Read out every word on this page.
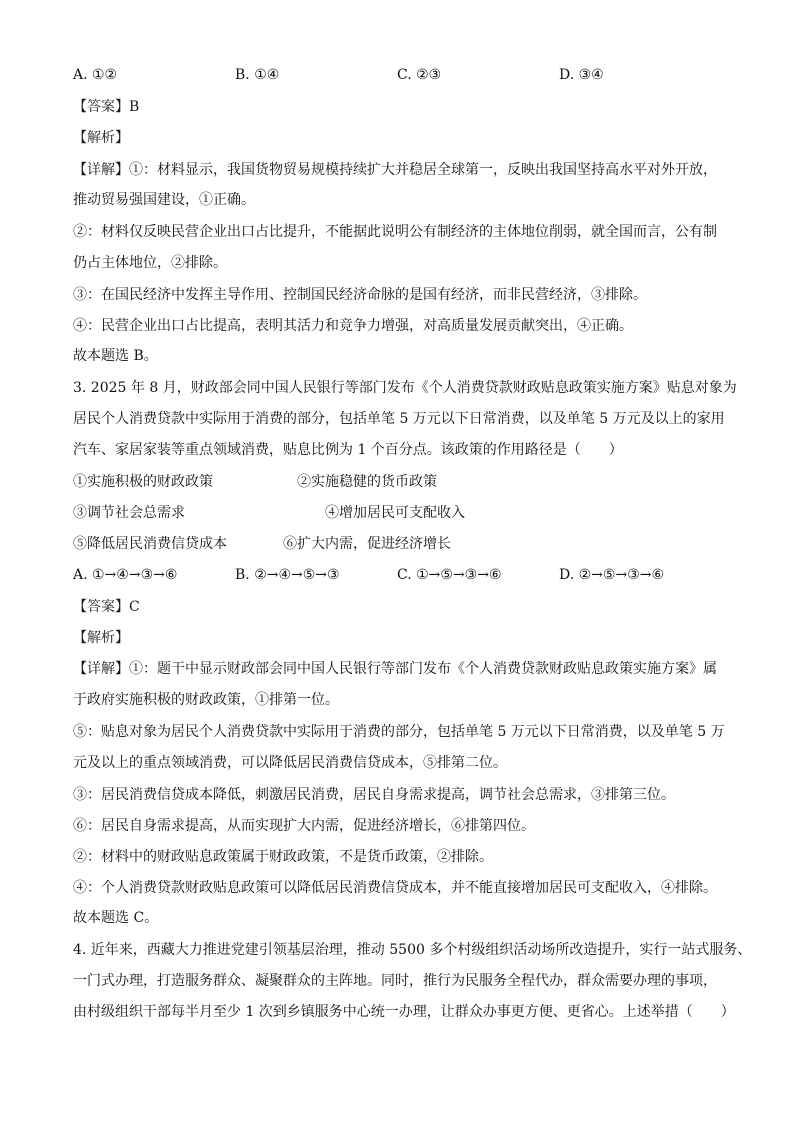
A. ①②	B. ①④	C. ②③	D. ③④
【答案】B
【解析】
【详解】①：材料显示，我国货物贸易规模持续扩大并稳居全球第一，反映出我国坚持高水平对外开放，
推动贸易强国建设，①正确。
②：材料仅反映民营企业出口占比提升，不能据此说明公有制经济的主体地位削弱，就全国而言，公有制
仍占主体地位，②排除。
③：在国民经济中发挥主导作用、控制国民经济命脉的是国有经济，而非民营经济，③排除。
④：民营企业出口占比提高，表明其活力和竞争力增强，对高质量发展贡献突出，④正确。
故本题选 B。
3. 2025 年 8 月，财政部会同中国人民银行等部门发布《个人消费贷款财政贴息政策实施方案》贴息对象为
居民个人消费贷款中实际用于消费的部分，包括单笔 5 万元以下日常消费，以及单笔 5 万元及以上的家用
汽车、家居家装等重点领域消费，贴息比例为 1 个百分点。该政策的作用路径是（　　）
①实施积极的财政政策	②实施稳健的货币政策
③调节社会总需求	④增加居民可支配收入
⑤降低居民消费信贷成本	⑥扩大内需，促进经济增长
A. ①→④→③→⑥	B. ②→④→⑤→③	C. ①→⑤→③→⑥	D. ②→⑤→③→⑥
【答案】C
【解析】
【详解】①：题干中显示财政部会同中国人民银行等部门发布《个人消费贷款财政贴息政策实施方案》属
于政府实施积极的财政政策，①排第一位。
⑤：贴息对象为居民个人消费贷款中实际用于消费的部分，包括单笔 5 万元以下日常消费，以及单笔 5 万
元及以上的重点领域消费，可以降低居民消费信贷成本，⑤排第二位。
③：居民消费信贷成本降低，刺激居民消费，居民自身需求提高，调节社会总需求，③排第三位。
⑥：居民自身需求提高，从而实现扩大内需，促进经济增长，⑥排第四位。
②：材料中的财政贴息政策属于财政政策，不是货币政策，②排除。
④：个人消费贷款财政贴息政策可以降低居民消费信贷成本，并不能直接增加居民可支配收入，④排除。
故本题选 C。
4. 近年来，西藏大力推进党建引领基层治理，推动 5500 多个村级组织活动场所改造提升，实行一站式服务、
一门式办理，打造服务群众、凝聚群众的主阵地。同时，推行为民服务全程代办，群众需要办理的事项，
由村级组织干部每半月至少 1 次到乡镇服务中心统一办理，让群众办事更方便、更省心。上述举措（　　）
